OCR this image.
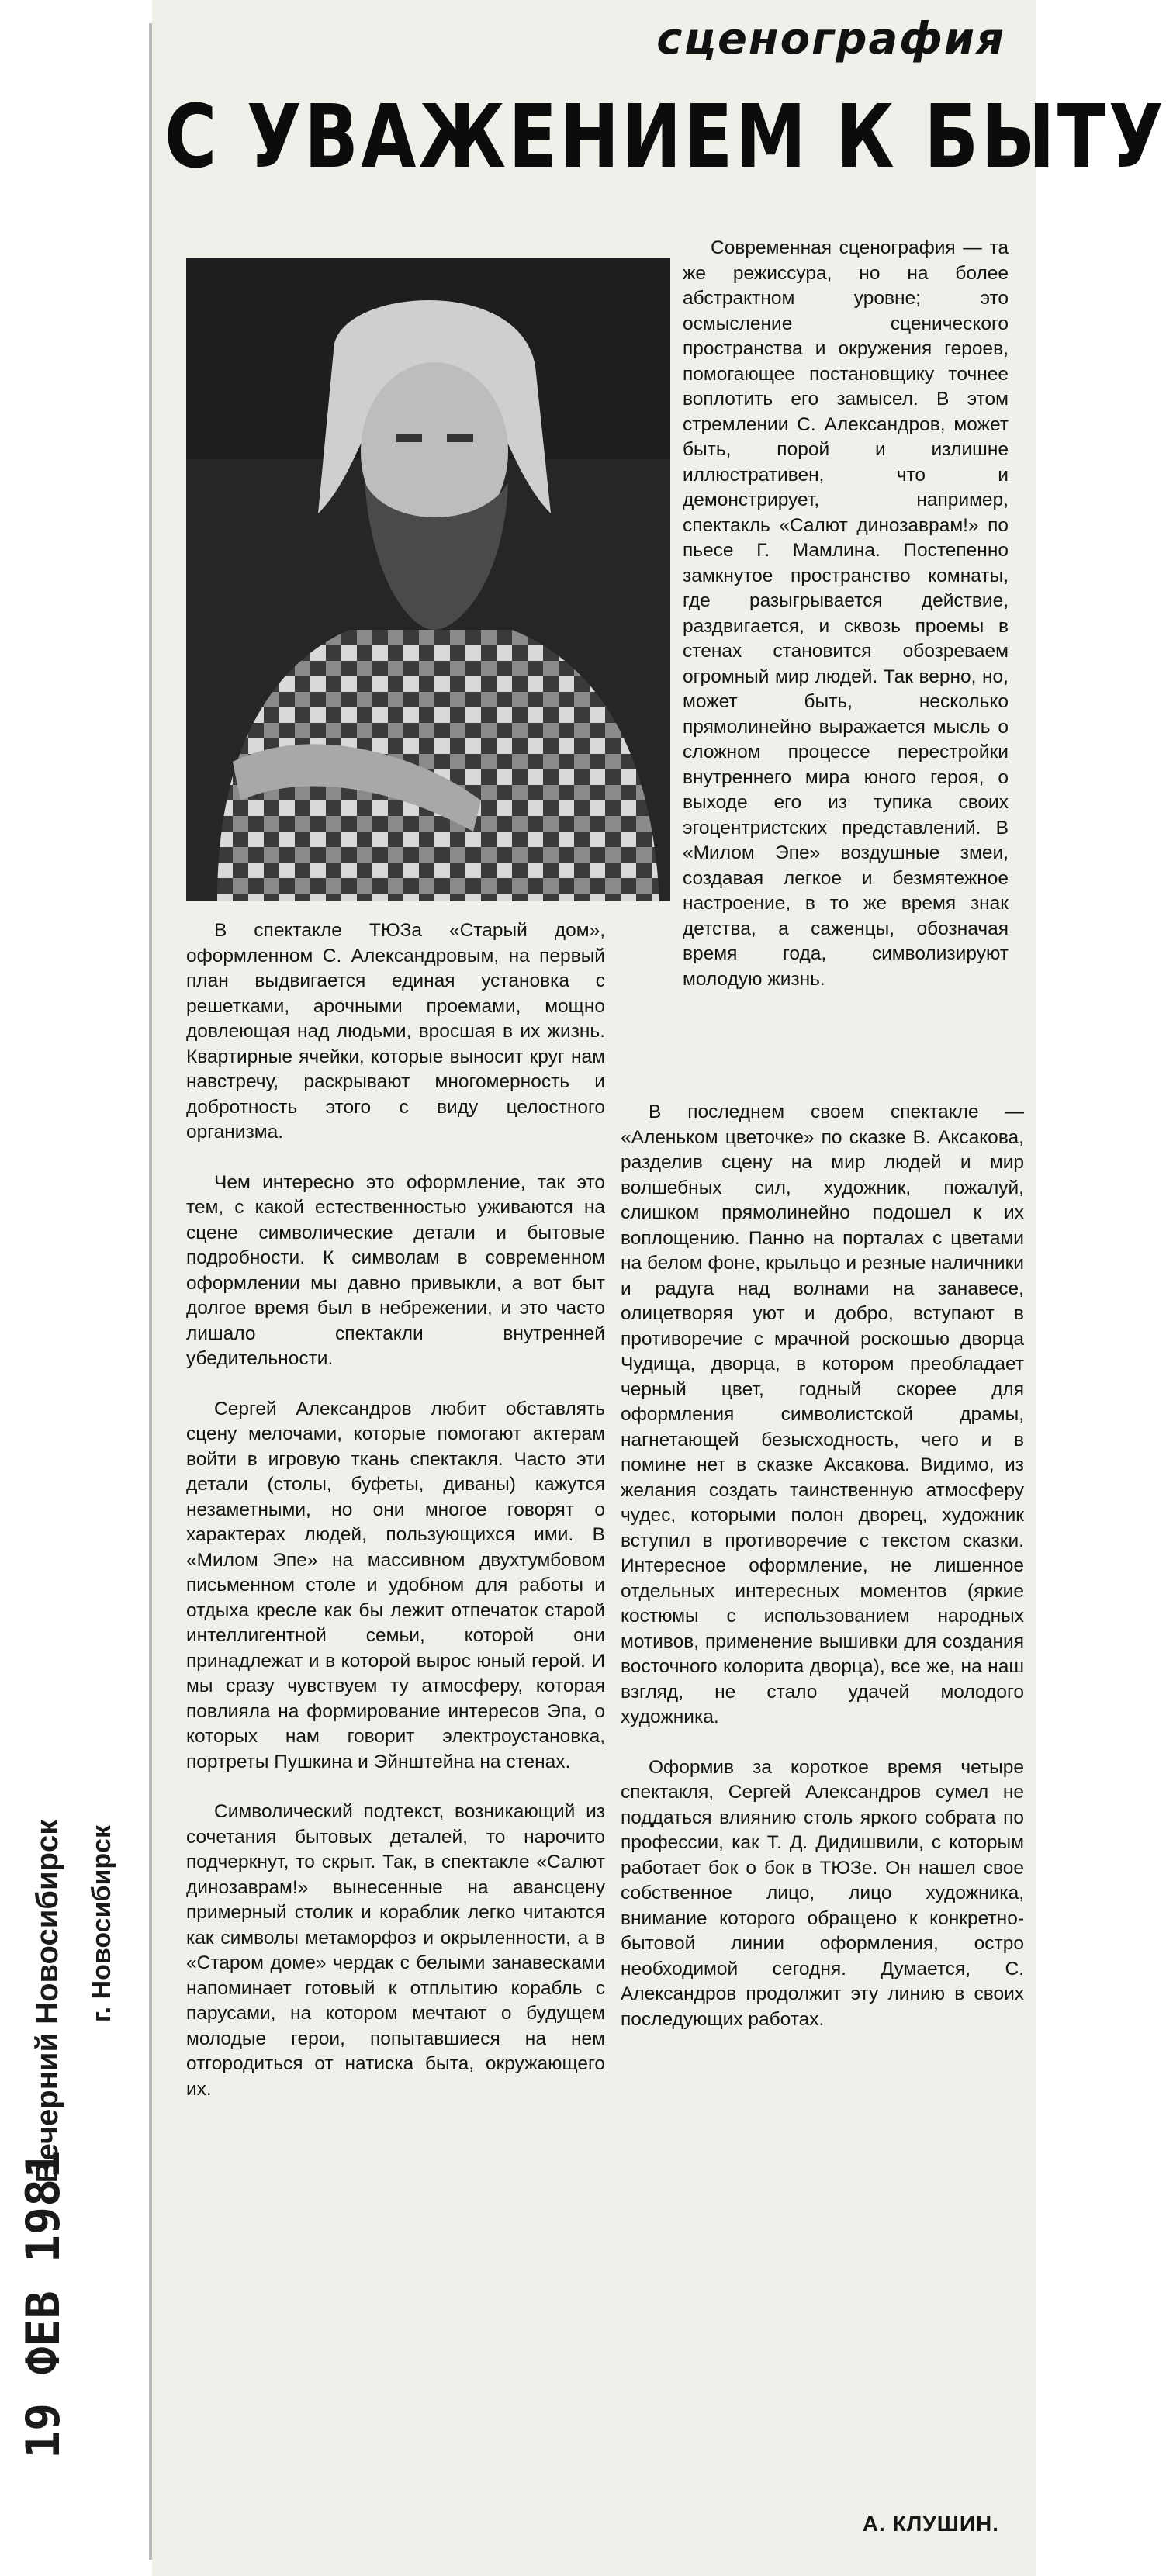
сценография
С УВАЖЕНИЕМ К БЫТУ

Современная сценография — та же режиссура, но на более абстрактном уровне; это осмысление сценического пространства и окружения героев, помогающее постановщику точнее воплотить его замысел. В этом стремлении С. Александров, может быть, порой и излишне иллюстративен, что и демонстрирует, например, спектакль «Салют динозаврам!» по пьесе Г. Мамлина. Постепенно замкнутое пространство комнаты, где разыгрывается действие, раздвигается, и сквозь проемы в стенах становится обозреваем огромный мир людей. Так верно, но, может быть, несколько прямолинейно выражается мысль о сложном процессе перестройки внутреннего мира юного героя, о выходе его из тупика своих эгоцентристских представлений. В «Милом Эпе» воздушные змеи, создавая легкое и безмятежное настроение, в то же время знак детства, а саженцы, обозначая время года, символизируют молодую жизнь.

В спектакле ТЮЗа «Старый дом», оформленном С. Александровым, на первый план выдвигается единая установка с решетками, арочными проемами, мощно довлеющая над людьми, вросшая в их жизнь. Квартирные ячейки, которые выносит круг нам навстречу, раскрывают многомерность и добротность этого с виду целостного организма.

Чем интересно это оформление, так это тем, с какой естественностью уживаются на сцене символические детали и бытовые подробности. К символам в современном оформлении мы давно привыкли, а вот быт долгое время был в небрежении, и это часто лишало спектакли внутренней убедительности.

Сергей Александров любит обставлять сцену мелочами, которые помогают актерам войти в игровую ткань спектакля. Часто эти детали (столы, буфеты, диваны) кажутся незаметными, но они многое говорят о характерах людей, пользующихся ими. В «Милом Эпе» на массивном двухтумбовом письменном столе и удобном для работы и отдыха кресле как бы лежит отпечаток старой интеллигентной семьи, которой они принадлежат и в которой вырос юный герой. И мы сразу чувствуем ту атмосферу, которая повлияла на формирование интересов Эпа, о которых нам говорит электроустановка, портреты Пушкина и Эйнштейна на стенах.

Символический подтекст, возникающий из сочетания бытовых деталей, то нарочито подчеркнут, то скрыт. Так, в спектакле «Салют динозаврам!» вынесенные на авансцену примерный столик и кораблик легко читаются как символы метаморфоз и окрыленности, а в «Старом доме» чердак с белыми занавесками напоминает готовый к отплытию корабль с парусами, на котором мечтают о будущем молодые герои, попытавшиеся на нем отгородиться от натиска быта, окружающего их.

В последнем своем спектакле — «Аленьком цветочке» по сказке В. Аксакова, разделив сцену на мир людей и мир волшебных сил, художник, пожалуй, слишком прямолинейно подошел к их воплощению. Панно на порталах с цветами на белом фоне, крыльцо и резные наличники и радуга над волнами на занавесе, олицетворяя уют и добро, вступают в противоречие с мрачной роскошью дворца Чудища, дворца, в котором преобладает черный цвет, годный скорее для оформления символистской драмы, нагнетающей безысходность, чего и в помине нет в сказке Аксакова. Видимо, из желания создать таинственную атмосферу чудес, которыми полон дворец, художник вступил в противоречие с текстом сказки. Интересное оформление, не лишенное отдельных интересных моментов (яркие костюмы с использованием народных мотивов, применение вышивки для создания восточного колорита дворца), все же, на наш взгляд, не стало удачей молодого художника.

Оформив за короткое время четыре спектакля, Сергей Александров сумел не поддаться влиянию столь яркого собрата по профессии, как Т. Д. Дидишвили, с которым работает бок о бок в ТЮЗе. Он нашел свое собственное лицо, лицо художника, внимание которого обращено к конкретно-бытовой линии оформления, остро необходимой сегодня. Думается, С. Александров продолжит эту линию в своих последующих работах.

А. КЛУШИН.

Вечерний Новосибирск г. Новосибирск
19 ФЕВ 1981
